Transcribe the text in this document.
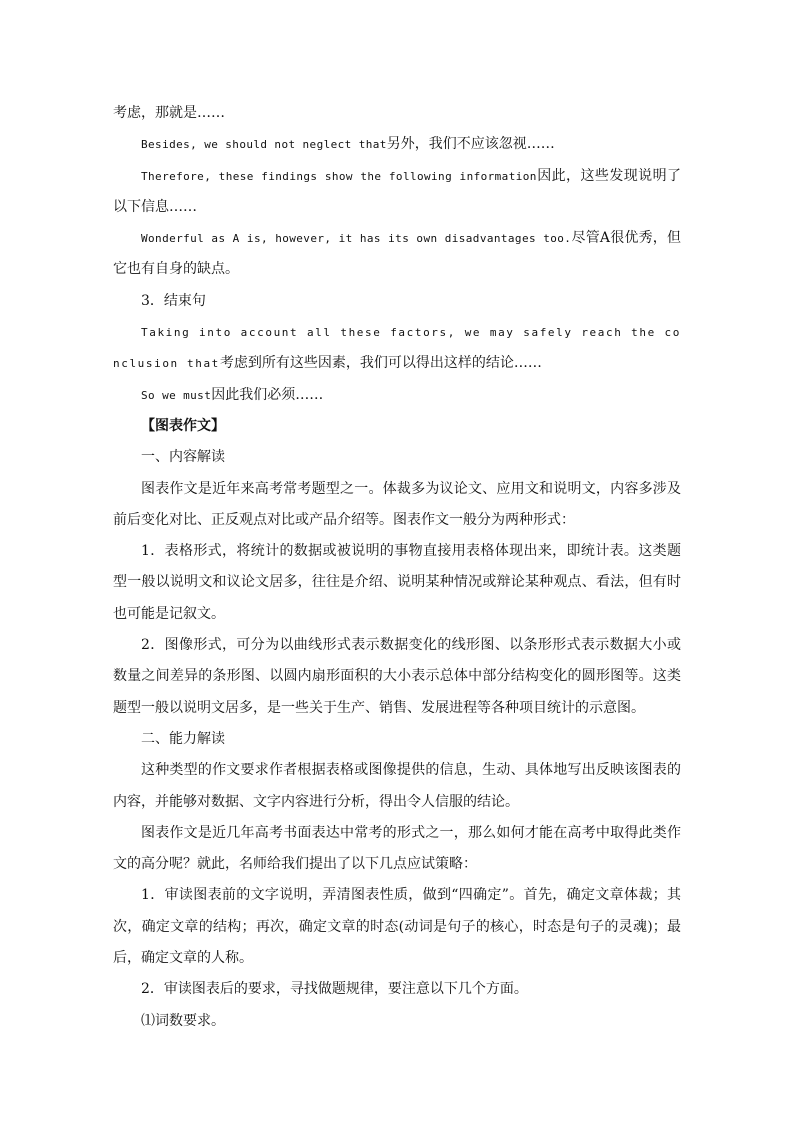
考虑，那就是……

Besides, we should not neglect that另外，我们不应该忽视……

Therefore, these findings show the following information因此，这些发现说明了以下信息……

Wonderful as A is, however, it has its own disadvantages too.尽管A很优秀，但它也有自身的缺点。

3．结束句

Taking into account all these factors, we may safely reach the conclusion that考虑到所有这些因素，我们可以得出这样的结论……

So we must因此我们必须……

【图表作文】

一、内容解读

图表作文是近年来高考常考题型之一。体裁多为议论文、应用文和说明文，内容多涉及前后变化对比、正反观点对比或产品介绍等。图表作文一般分为两种形式：

1．表格形式，将统计的数据或被说明的事物直接用表格体现出来，即统计表。这类题型一般以说明文和议论文居多，往往是介绍、说明某种情况或辩论某种观点、看法，但有时也可能是记叙文。

2．图像形式，可分为以曲线形式表示数据变化的线形图、以条形形式表示数据大小或数量之间差异的条形图、以圆内扇形面积的大小表示总体中部分结构变化的圆形图等。这类题型一般以说明文居多，是一些关于生产、销售、发展进程等各种项目统计的示意图。

二、能力解读

这种类型的作文要求作者根据表格或图像提供的信息，生动、具体地写出反映该图表的内容，并能够对数据、文字内容进行分析，得出令人信服的结论。

图表作文是近几年高考书面表达中常考的形式之一，那么如何才能在高考中取得此类作文的高分呢？就此，名师给我们提出了以下几点应试策略：

1．审读图表前的文字说明，弄清图表性质，做到“四确定”。首先，确定文章体裁；其次，确定文章的结构；再次，确定文章的时态(动词是句子的核心，时态是句子的灵魂)；最后，确定文章的人称。

2．审读图表后的要求，寻找做题规律，要注意以下几个方面。

⑴词数要求。
